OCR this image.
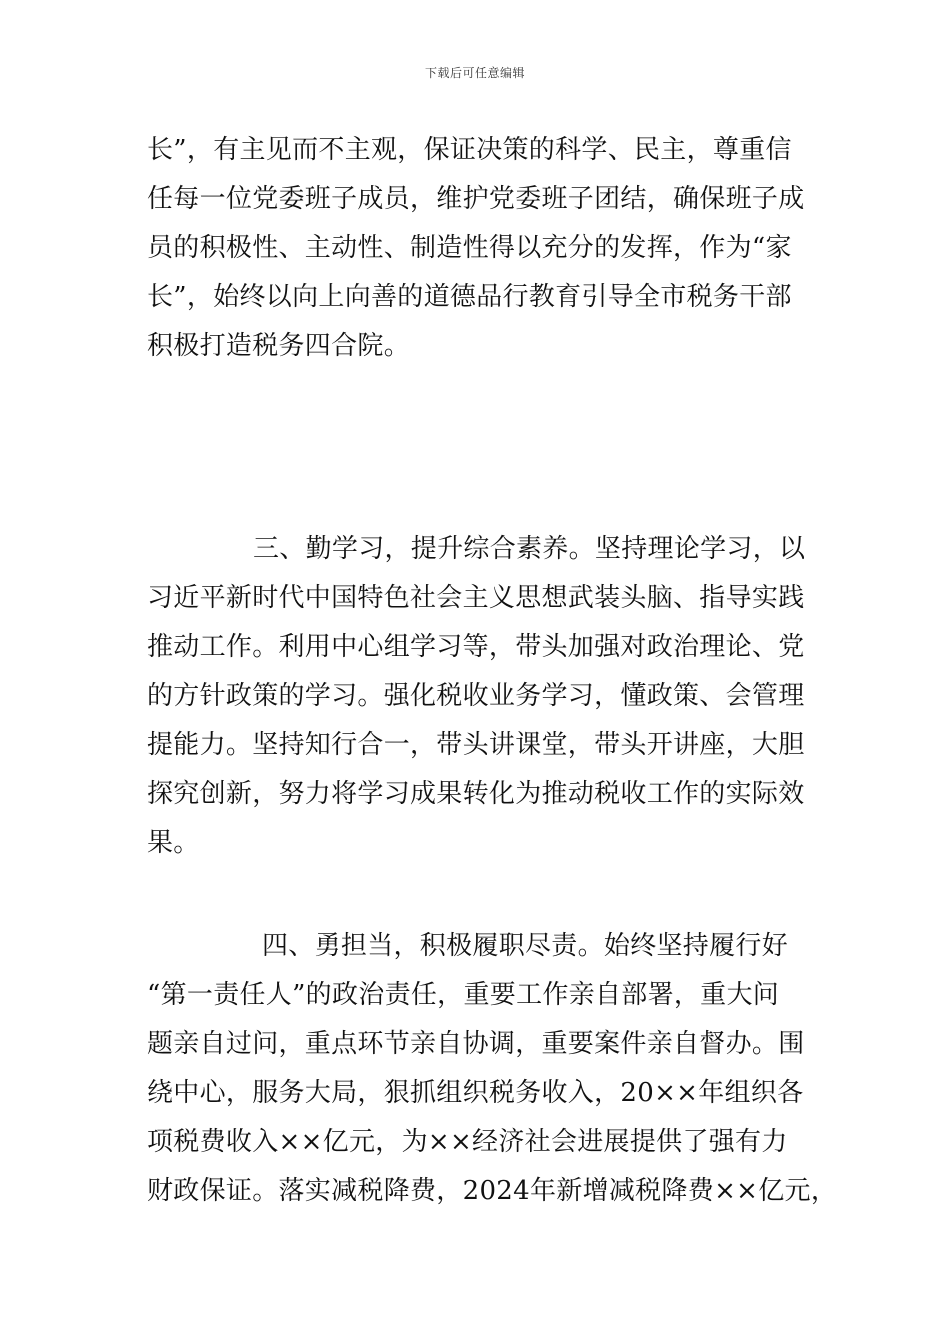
下载后可任意编辑
长”，有主见而不主观，保证决策的科学、民主，尊重信
任每一位党委班子成员，维护党委班子团结，确保班子成
员的积极性、主动性、制造性得以充分的发挥，作为“家
长”，始终以向上向善的道德品行教育引导全市税务干部
积极打造税务四合院。
三、勤学习，提升综合素养。坚持理论学习，以
习近平新时代中国特色社会主义思想武装头脑、指导实践
推动工作。利用中心组学习等，带头加强对政治理论、党
的方针政策的学习。强化税收业务学习，懂政策、会管理
提能力。坚持知行合一，带头讲课堂，带头开讲座，大胆
探究创新，努力将学习成果转化为推动税收工作的实际效
果。
四、勇担当，积极履职尽责。始终坚持履行好
“第一责任人”的政治责任，重要工作亲自部署，重大问
题亲自过问，重点环节亲自协调，重要案件亲自督办。围
绕中心，服务大局，狠抓组织税务收入，20××年组织各
项税费收入××亿元，为××经济社会进展提供了强有力
财政保证。落实减税降费，2024年新增减税降费××亿元，
